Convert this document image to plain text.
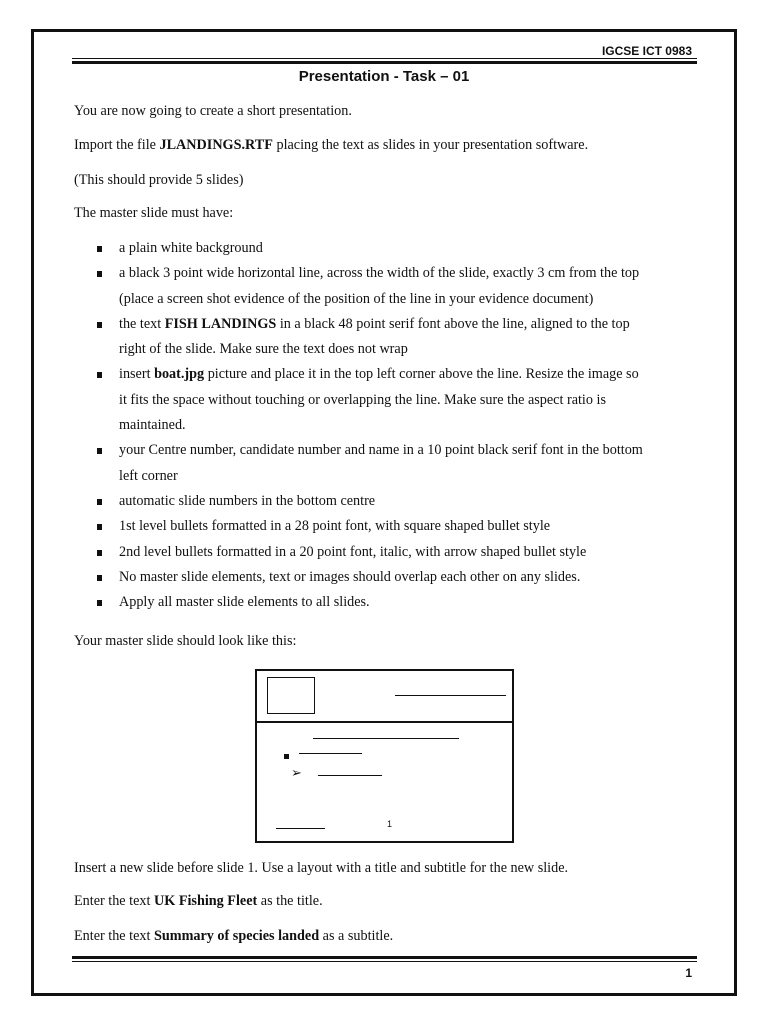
IGCSE ICT 0983
Presentation - Task – 01
You are now going to create a short presentation.
Import the file JLANDINGS.RTF placing the text as slides in your presentation software.
(This should provide 5 slides)
The master slide must have:
a plain white background
a black 3 point wide horizontal line, across the width of the slide, exactly 3 cm from the top
(place a screen shot evidence of the position of the line in your evidence document)
the text FISH LANDINGS in a black 48 point serif font above the line, aligned to the top
right of the slide. Make sure the text does not wrap
insert boat.jpg picture and place it in the top left corner above the line. Resize the image so
it fits the space without touching or overlapping the line. Make sure the aspect ratio is
maintained.
your Centre number, candidate number and name in a 10 point black serif font in the bottom
left corner
automatic slide numbers in the bottom centre
1st level bullets formatted in a 28 point font, with square shaped bullet style
2nd level bullets formatted in a 20 point font, italic, with arrow shaped bullet style
No master slide elements, text or images should overlap each other on any slides.
Apply all master slide elements to all slides.
Your master slide should look like this:
➢
1
Insert a new slide before slide 1. Use a layout with a title and subtitle for the new slide.
Enter the text UK Fishing Fleet as the title.
Enter the text Summary of species landed as a subtitle.
1
